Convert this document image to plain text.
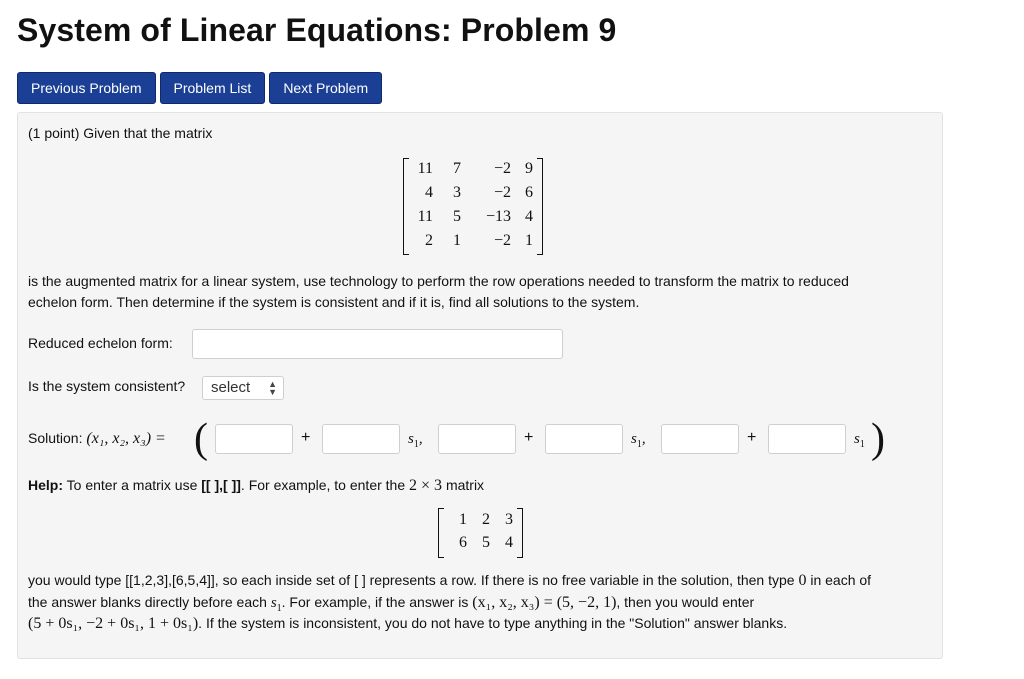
System of Linear Equations: Problem 9
Previous Problem	Problem List	Next Problem
(1 point) Given that the matrix
11 7 −2 9
4 3 −2 6
11 5 −13 4
2 1 −2 1
is the augmented matrix for a linear system, use technology to perform the row operations needed to transform the matrix to reduced
echelon form. Then determine if the system is consistent and if it is, find all solutions to the system.
Reduced echelon form:
Is the system consistent?	select ▲
▼
Solution: (x₁, x₂, x₃) = (	+	$s_1$,	+	$s_1$,	+	$s_1$ )
Help: To enter a matrix use [[ ],[ ]]. For example, to enter the 2 × 3 matrix
1 2 3
6 5 4
you would type [[1,2,3],[6,5,4]], so each inside set of [ ] represents a row. If there is no free variable in the solution, then type 0 in each of
the answer blanks directly before each $s_1$. For example, if the answer is (x₁, x₂, x₃) = (5, −2, 1), then you would enter
(5 + 0s₁, −2 + 0s₁, 1 + 0s₁). If the system is inconsistent, you do not have to type anything in the "Solution" answer blanks.
